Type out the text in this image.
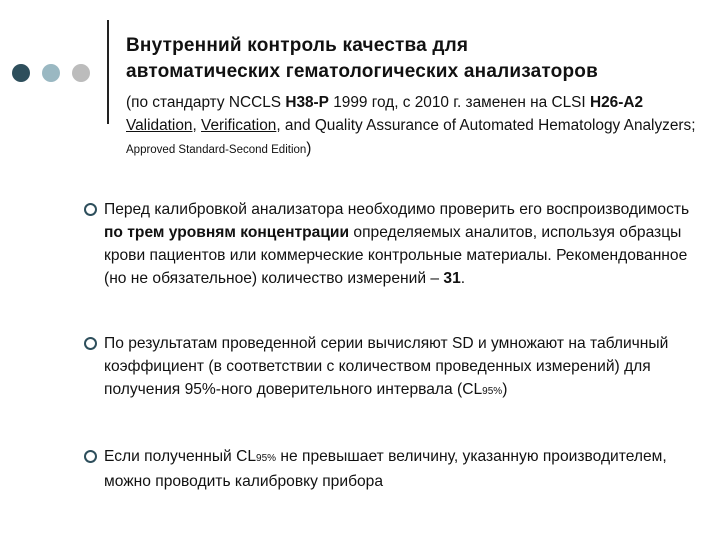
Внутренний контроль качества для
автоматических гематологических анализаторов
(по стандарту NCCLS H38-P 1999 год, с 2010 г. заменен на CLSI H26-A2 Validation, Verification, and Quality Assurance of Automated Hematology Analyzers; Approved Standard-Second Edition)
Перед калибровкой анализатора необходимо проверить его воспроизводимость по трем уровням концентрации определяемых аналитов, используя образцы крови пациентов или коммерческие контрольные материалы. Рекомендованное (но не обязательное) количество измерений – 31.
По результатам проведенной серии вычисляют SD и умножают на табличный коэффициент (в соответствии с количеством проведенных измерений) для получения 95%-ного доверительного интервала (CL95%)
Если полученный CL95% не превышает величину, указанную производителем, можно проводить калибровку прибора
